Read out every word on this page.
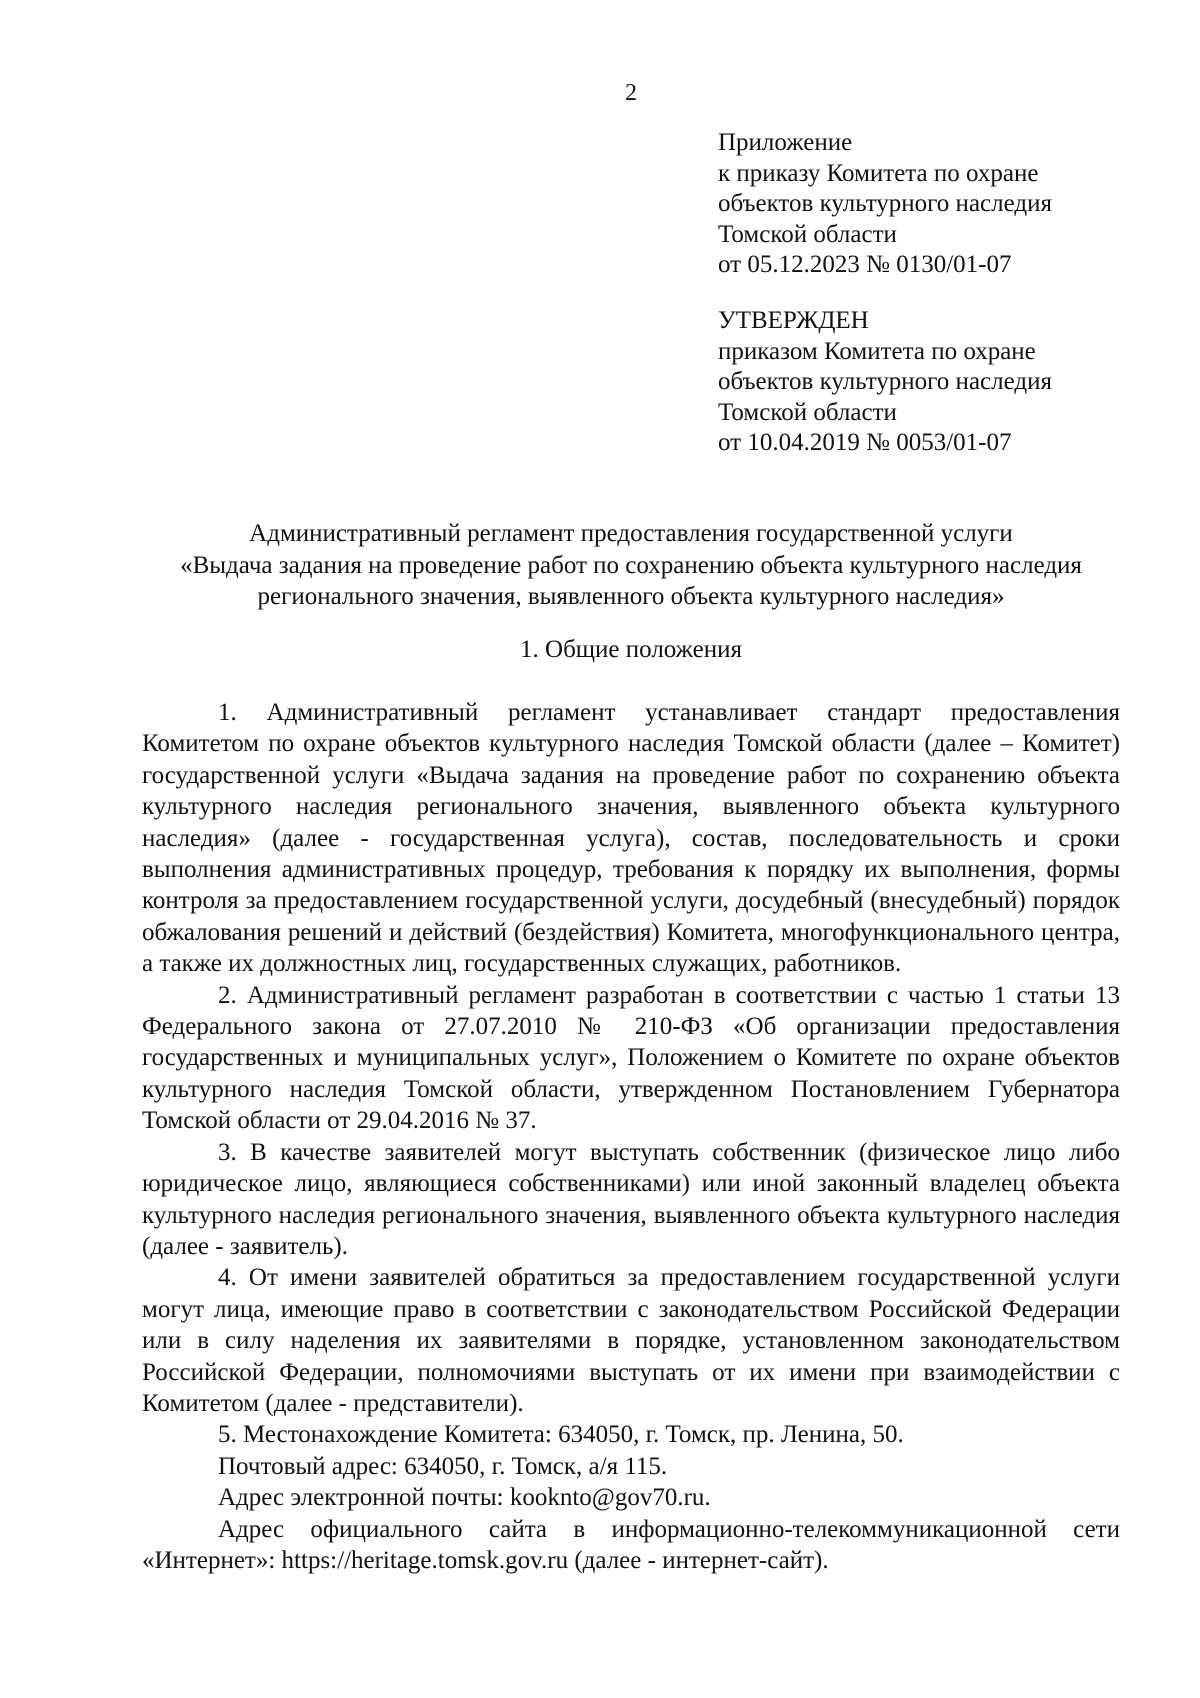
2
Приложение
к приказу Комитета по охране
объектов культурного наследия
Томской области
от 05.12.2023 № 0130/01-07
УТВЕРЖДЕН
приказом Комитета по охране
объектов культурного наследия
Томской области
от 10.04.2019 № 0053/01-07
Административный регламент предоставления государственной услуги
«Выдача задания на проведение работ по сохранению объекта культурного наследия
регионального значения, выявленного объекта культурного наследия»
1. Общие положения

1. Административный регламент устанавливает стандарт предоставления Комитетом по охране объектов культурного наследия Томской области (далее – Комитет) государственной услуги «Выдача задания на проведение работ по сохранению объекта культурного наследия регионального значения, выявленного объекта культурного наследия» (далее - государственная услуга), состав, последовательность и сроки выполнения административных процедур, требования к порядку их выполнения, формы контроля за предоставлением государственной услуги, досудебный (внесудебный) порядок обжалования решений и действий (бездействия) Комитета, многофункционального центра, а также их должностных лиц, государственных служащих, работников.

2. Административный регламент разработан в соответствии с частью 1 статьи 13 Федерального закона от 27.07.2010 № 210-ФЗ «Об организации предоставления государственных и муниципальных услуг», Положением о Комитете по охране объектов культурного наследия Томской области, утвержденном Постановлением Губернатора Томской области от 29.04.2016 № 37.

3. В качестве заявителей могут выступать собственник (физическое лицо либо юридическое лицо, являющиеся собственниками) или иной законный владелец объекта культурного наследия регионального значения, выявленного объекта культурного наследия (далее - заявитель).

4. От имени заявителей обратиться за предоставлением государственной услуги могут лица, имеющие право в соответствии с законодательством Российской Федерации или в силу наделения их заявителями в порядке, установленном законодательством Российской Федерации, полномочиями выступать от их имени при взаимодействии с Комитетом (далее - представители).

5. Местонахождение Комитета: 634050, г. Томск, пр. Ленина, 50.

Почтовый адрес: 634050, г. Томск, а/я 115.

Адрес электронной почты: kooknto@gov70.ru.

Адрес официального сайта в информационно-телекоммуникационной сети «Интернет»: https://heritage.tomsk.gov.ru (далее - интернет-сайт).
